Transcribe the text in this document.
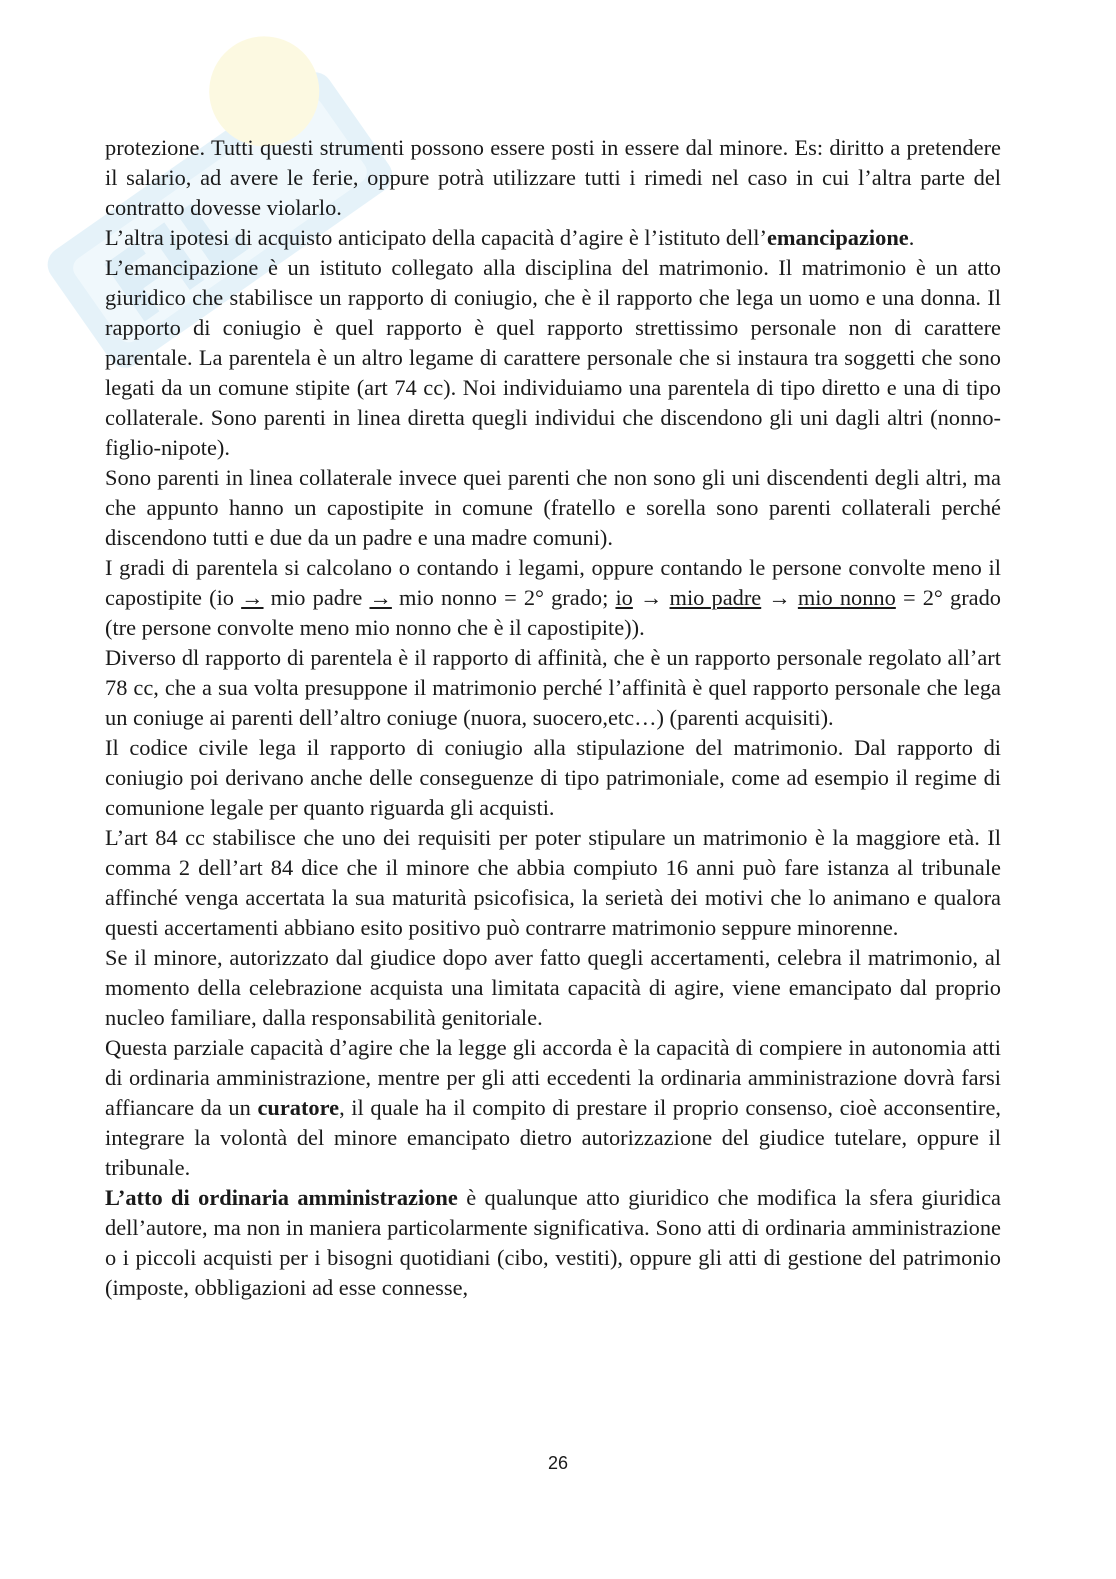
protezione. Tutti questi strumenti possono essere posti in essere dal minore. Es: diritto a pretendere il salario, ad avere le ferie, oppure potrà utilizzare tutti i rimedi nel caso in cui l’altra parte del contratto dovesse violarlo.

L’altra ipotesi di acquisto anticipato della capacità d’agire è l’istituto dell’emancipazione.

L’emancipazione è un istituto collegato alla disciplina del matrimonio. Il matrimonio è un atto giuridico che stabilisce un rapporto di coniugio, che è il rapporto che lega un uomo e una donna. Il rapporto di coniugio è quel rapporto è quel rapporto strettissimo personale non di carattere parentale. La parentela è un altro legame di carattere personale che si instaura tra soggetti che sono legati da un comune stipite (art 74 cc). Noi individuiamo una parentela di tipo diretto e una di tipo collaterale. Sono parenti in linea diretta quegli individui che discendono gli uni dagli altri (nonno-figlio-nipote).

Sono parenti in linea collaterale invece quei parenti che non sono gli uni discendenti degli altri, ma che appunto hanno un capostipite in comune (fratello e sorella sono parenti collaterali perché discendono tutti e due da un padre e una madre comuni).

I gradi di parentela si calcolano o contando i legami, oppure contando le persone convolte meno il capostipite (io → mio padre → mio nonno = 2° grado; io → mio padre → mio nonno = 2° grado (tre persone convolte meno mio nonno che è il capostipite)).

Diverso dl rapporto di parentela è il rapporto di affinità, che è un rapporto personale regolato all’art 78 cc, che a sua volta presuppone il matrimonio perché l’affinità è quel rapporto personale che lega un coniuge ai parenti dell’altro coniuge (nuora, suocero,etc…) (parenti acquisiti).

Il codice civile lega il rapporto di coniugio alla stipulazione del matrimonio. Dal rapporto di coniugio poi derivano anche delle conseguenze di tipo patrimoniale, come ad esempio il regime di comunione legale per quanto riguarda gli acquisti.

L’art 84 cc stabilisce che uno dei requisiti per poter stipulare un matrimonio è la maggiore età. Il comma 2 dell’art 84 dice che il minore che abbia compiuto 16 anni può fare istanza al tribunale affinché venga accertata la sua maturità psicofisica, la serietà dei motivi che lo animano e qualora questi accertamenti abbiano esito positivo può contrarre matrimonio seppure minorenne.

Se il minore, autorizzato dal giudice dopo aver fatto quegli accertamenti, celebra il matrimonio, al momento della celebrazione acquista una limitata capacità di agire, viene emancipato dal proprio nucleo familiare, dalla responsabilità genitoriale.

Questa parziale capacità d’agire che la legge gli accorda è la capacità di compiere in autonomia atti di ordinaria amministrazione, mentre per gli atti eccedenti la ordinaria amministrazione dovrà farsi affiancare da un curatore, il quale ha il compito di prestare il proprio consenso, cioè acconsentire, integrare la volontà del minore emancipato dietro autorizzazione del giudice tutelare, oppure il tribunale.

L’atto di ordinaria amministrazione è qualunque atto giuridico che modifica la sfera giuridica dell’autore, ma non in maniera particolarmente significativa. Sono atti di ordinaria amministrazione o i piccoli acquisti per i bisogni quotidiani (cibo, vestiti), oppure gli atti di gestione del patrimonio (imposte, obbligazioni ad esse connesse,

26
